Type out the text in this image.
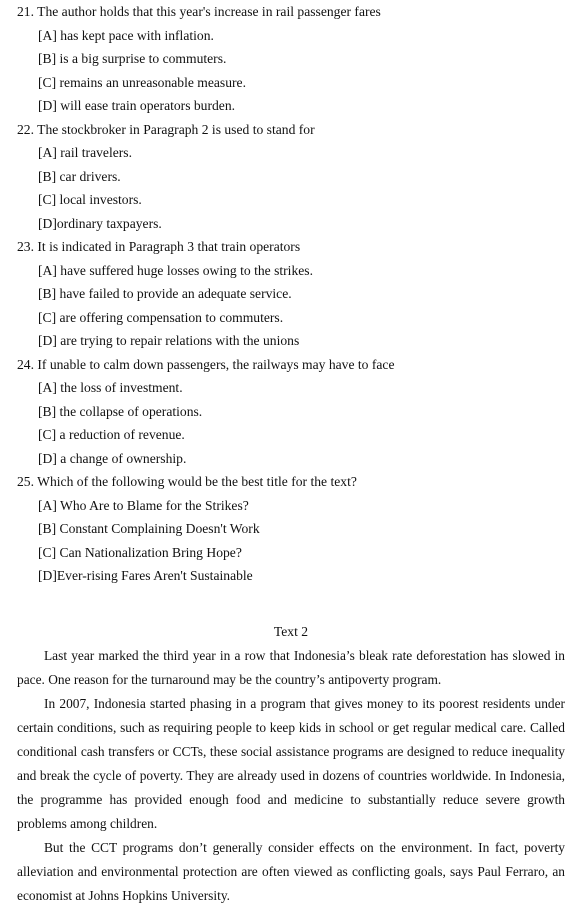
21. The author holds that this year's increase in rail passenger fares
[A] has kept pace with inflation.
[B] is a big surprise to commuters.
[C] remains an unreasonable measure.
[D] will ease train operators burden.
22. The stockbroker in Paragraph 2 is used to stand for
[A] rail travelers.
[B] car drivers.
[C] local investors.
[D]ordinary taxpayers.
23. It is indicated in Paragraph 3 that train operators
[A] have suffered huge losses owing to the strikes.
[B] have failed to provide an adequate service.
[C] are offering compensation to commuters.
[D] are trying to repair relations with the unions
24. If unable to calm down passengers, the railways may have to face
[A] the loss of investment.
[B] the collapse of operations.
[C] a reduction of revenue.
[D] a change of ownership.
25. Which of the following would be the best title for the text?
[A] Who Are to Blame for the Strikes?
[B] Constant Complaining Doesn't Work
[C] Can Nationalization Bring Hope?
[D]Ever-rising Fares Aren't Sustainable
Text 2

Last year marked the third year in a row that Indonesia’s bleak rate deforestation has slowed in pace. One reason for the turnaround may be the country’s antipoverty program.

In 2007, Indonesia started phasing in a program that gives money to its poorest residents under certain conditions, such as requiring people to keep kids in school or get regular medical care. Called conditional cash transfers or CCTs, these social assistance programs are designed to reduce inequality and break the cycle of poverty. They are already used in dozens of countries worldwide. In Indonesia, the programme has provided enough food and medicine to substantially reduce severe growth problems among children.

But the CCT programs don’t generally consider effects on the environment. In fact, poverty alleviation and environmental protection are often viewed as conflicting goals, says Paul Ferraro, an economist at Johns Hopkins University.
